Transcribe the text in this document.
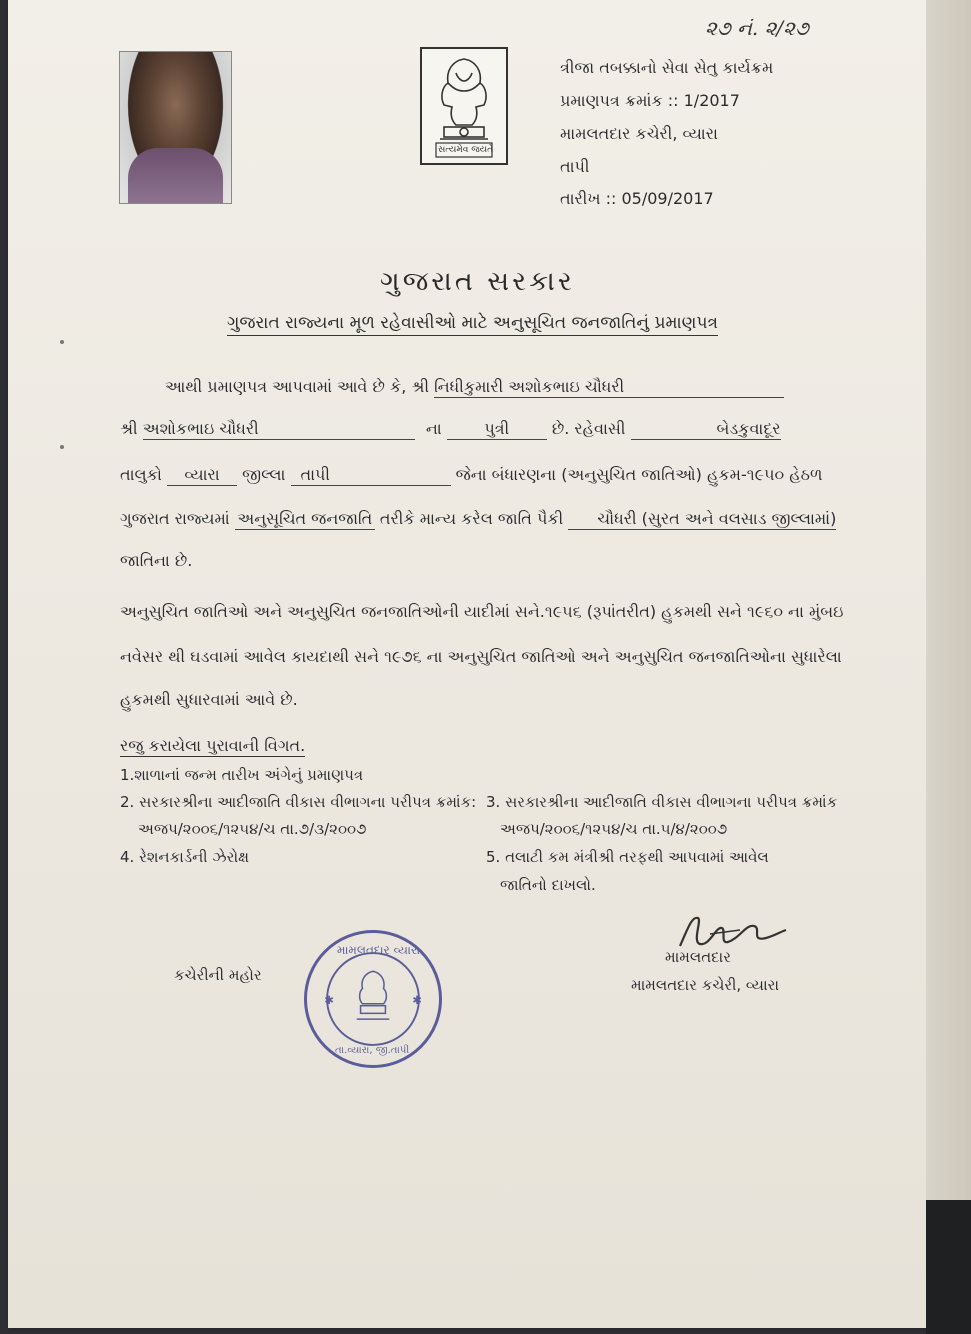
૨૭ નં. ૨/૨૭
સત્યમેવ જયતે
ત્રીજા તબક્કાનો સેવા સેતુ કાર્યક્રમ
પ્રમાણપત્ર ક્રમાંક :: 1/2017
મામલતદાર કચેરી, વ્યારા
તાપી
તારીખ :: 05/09/2017
ગુજરાત સરકાર
ગુજરાત રાજ્યના મૂળ રહેવાસીઓ માટે અનુસૂચિત જનજાતિનું પ્રમાણપત્ર
આથી પ્રમાણપત્ર આપવામાં આવે છે કે, શ્રી નિધીકુમારી અશોકભાઇ ચૌધરી
શ્રી અશોકભાઇ ચૌધરી	ના	પુત્રી	છે. રહેવાસી	બેડકુવાદૂર
તાલુકો વ્યારા જીલ્લા તાપી	જેના બંધારણના (અનુસુચિત જાતિઓ) હુકમ-૧૯૫૦ હેઠળ
ગુજરાત રાજ્યમાં અનુસૂચિત જનજાતિ તરીકે માન્ય કરેલ જાતિ પૈકી ચૌધરી (સુરત અને વલસાડ જીલ્લામાં)
જાતિના છે.
અનુસુચિત જાતિઓ અને અનુસુચિત જનજાતિઓની યાદીમાં સને.૧૯૫૬ (રૂપાંતરીત) હુકમથી સને ૧૯૬૦ ના મુંબઇ
નવેસર થી ઘડવામાં આવેલ કાયદાથી સને ૧૯૭૬ ના અનુસુચિત જાતિઓ અને અનુસુચિત જનજાતિઓના સુધારેલા
હુકમથી સુધારવામાં આવે છે.
રજુ કરાયેલા પુરાવાની વિગત.
1.શાળાનાં જન્મ તારીખ અંગેનું પ્રમાણપત્ર
2. સરકારશ્રીના આદીજાતિ વીકાસ વીભાગના પરીપત્ર ક્રમાંક:
અજપ/૨૦૦૬/૧૨૫૪/ચ તા.૭/૩/૨૦૦૭
3. સરકારશ્રીના આદીજાતિ વીકાસ વીભાગના પરીપત્ર ક્રમાંક
અજપ/૨૦૦૬/૧૨૫૪/ચ તા.૫/૪/૨૦૦૭
4. રેશનકાર્ડની ઝેરોક્ષ	5. તલાટી કમ મંત્રીશ્રી તરફથી આપવામાં આવેલ
જાતિનો દાખલો.
કચેરીની મહોર
✱	✱
મામલતદાર વ્યારા
તા.વ્યારા, જી.તાપી
મામલતદાર
મામલતદાર કચેરી, વ્યારા
